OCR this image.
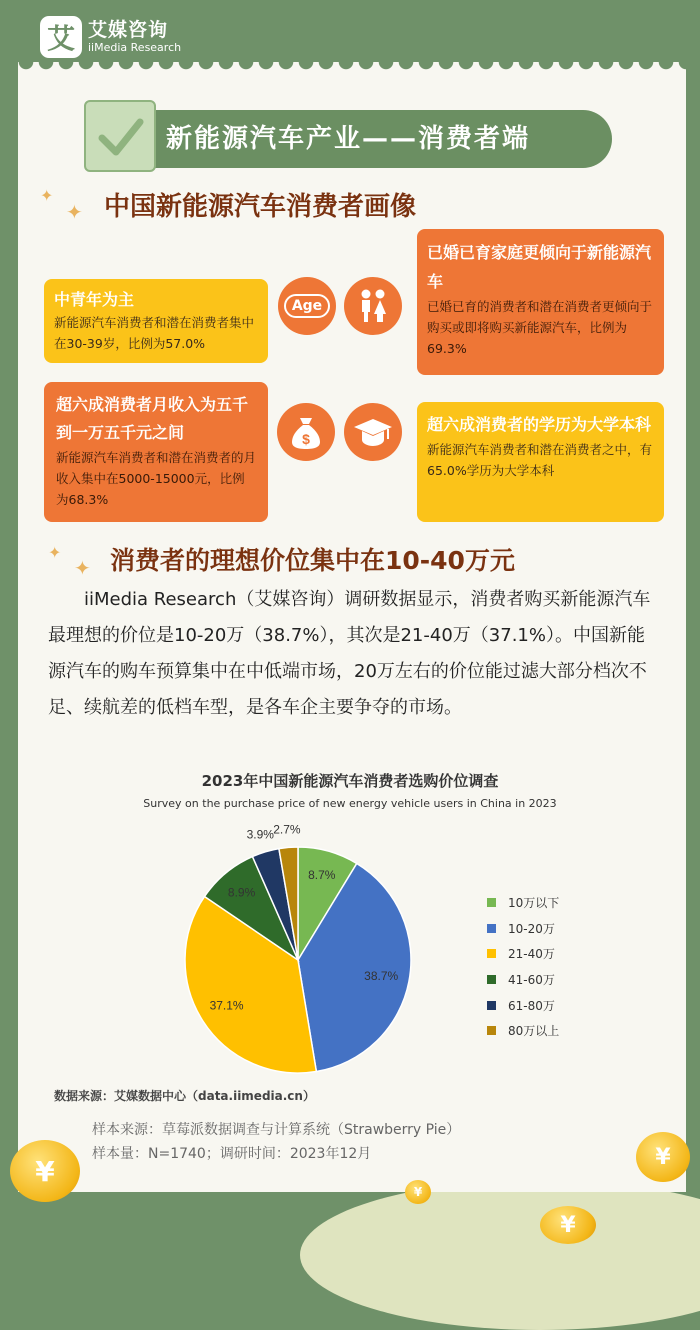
艾 艾媒咨询
iiMedia Research
新能源汽车产业——消费者端
✦
✦ 中国新能源汽车消费者画像
中青年为主
新能源汽车消费者和潜在消费者集中在30-39岁，比例为57.0%
已婚已育家庭更倾向于新能源汽车
已婚已育的消费者和潜在消费者更倾向于购买或即将购买新能源汽车，比例为69.3%
超六成消费者月收入为五千到一万五千元之间
新能源汽车消费者和潜在消费者的月收入集中在5000-15000元，比例为68.3%
超六成消费者的学历为大学本科
新能源汽车消费者和潜在消费者之中，有65.0%学历为大学本科
Age
$
✦
✦ 消费者的理想价位集中在10-40万元
iiMedia Research（艾媒咨询）调研数据显示，消费者购买新能源汽车最理想的价位是10-20万（38.7%），其次是21-40万（37.1%）。中国新能源汽车的购车预算集中在中低端市场，20万左右的价位能过滤大部分档次不足、续航差的低档车型，是各车企主要争夺的市场。
2023年中国新能源汽车消费者选购价位调查
Survey on the purchase price of new energy vehicle users in China in 2023
8.7%
38.7%
37.1%
8.9%
3.9% 2.7%
10万以下
10-20万
21-40万
41-60万
61-80万
80万以上
数据来源：艾媒数据中心（data.iimedia.cn）
样本来源：草莓派数据调查与计算系统（Strawberry Pie）
样本量：N=1740；调研时间：2023年12月
¥	¥
¥
¥
